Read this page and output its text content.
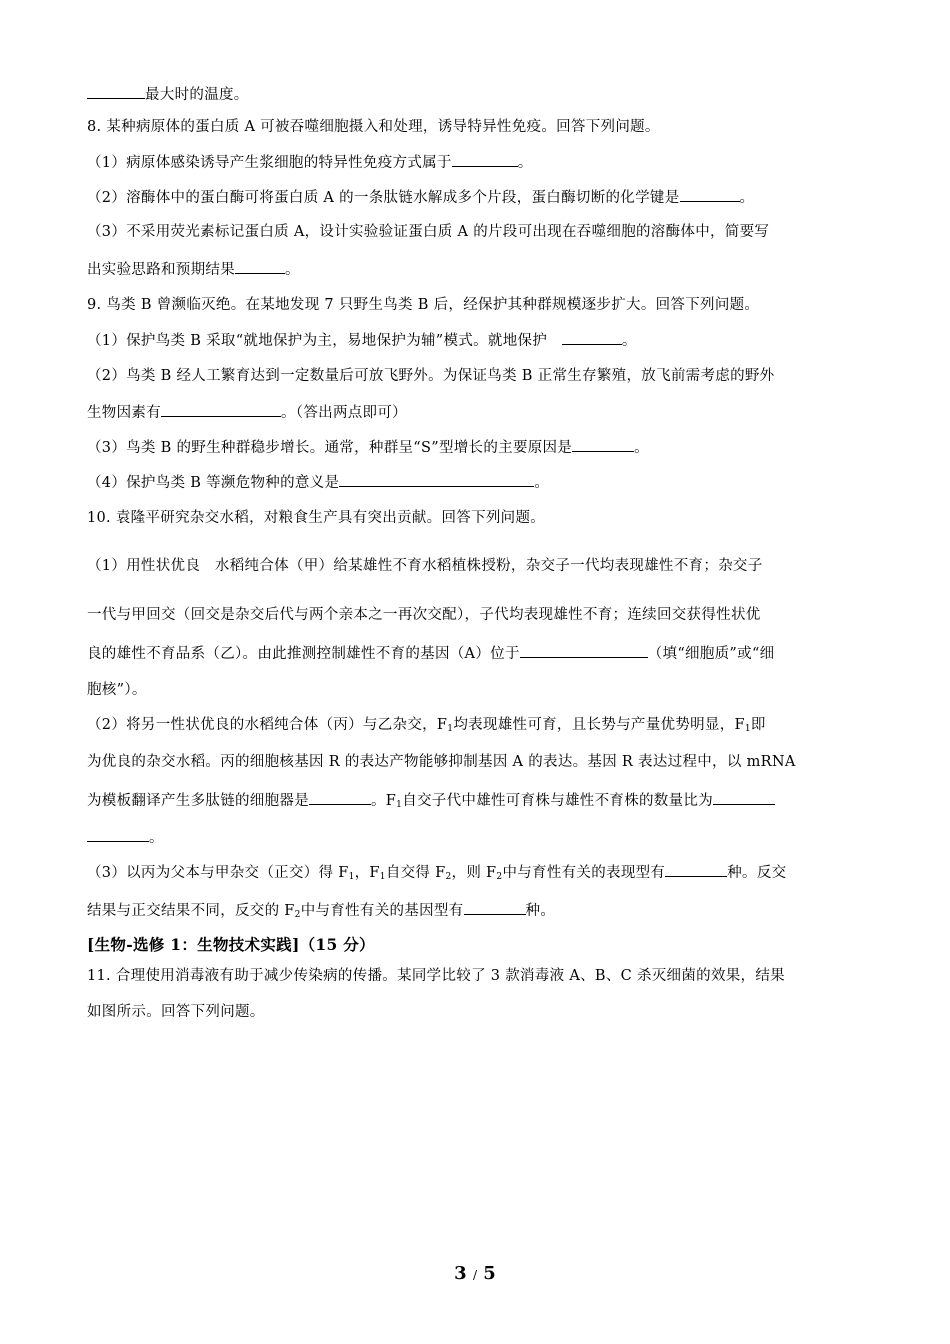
最大时的温度。
8. 某种病原体的蛋白质 A 可被吞噬细胞摄入和处理，诱导特异性免疫。回答下列问题。
（1）病原体感染诱导产生浆细胞的特异性免疫方式属于	。
（2）溶酶体中的蛋白酶可将蛋白质 A 的一条肽链水解成多个片段，蛋白酶切断的化学键是	。
（3）不采用荧光素标记蛋白质 A，设计实验验证蛋白质 A 的片段可出现在吞噬细胞的溶酶体中，简要写
出实验思路和预期结果	。
9. 鸟类 B 曾濒临灭绝。在某地发现 7 只野生鸟类 B 后，经保护其种群规模逐步扩大。回答下列问题。
（1）保护鸟类 B 采取“就地保护为主，易地保护为辅”模式。就地保护　	。
（2）鸟类 B 经人工繁育达到一定数量后可放飞野外。为保证鸟类 B 正常生存繁殖，放飞前需考虑的野外
生物因素有	。（答出两点即可）
（3）鸟类 B 的野生种群稳步增长。通常，种群呈“S”型增长的主要原因是	。
（4）保护鸟类 B 等濒危物种的意义是	。
10. 袁隆平研究杂交水稻，对粮食生产具有突出贡献。回答下列问题。
（1）用性状优良　水稻纯合体（甲）给某雄性不育水稻植株授粉，杂交子一代均表现雄性不育；杂交子
一代与甲回交（回交是杂交后代与两个亲本之一再次交配），子代均表现雄性不育；连续回交获得性状优
良的雄性不育品系（乙）。由此推测控制雄性不育的基因（A）位于	（填“细胞质”或“细
胞核”）。
（2）将另一性状优良的水稻纯合体（丙）与乙杂交，$F_1$均表现雄性可育，且长势与产量优势明显，$F_1$即
为优良的杂交水稻。丙的细胞核基因 R 的表达产物能够抑制基因 A 的表达。基因 R 表达过程中，以 mRNA
为模板翻译产生多肽链的细胞器是	。$F_1$自交子代中雄性可育株与雄性不育株的数量比为
。
（3）以丙为父本与甲杂交（正交）得 $F_1$，$F_1$自交得 $F_2$，则 $F_2$中与育性有关的表现型有	种。反交
结果与正交结果不同，反交的 $F_2$中与育性有关的基因型有	种。
[生物-选修 1：生物技术实践]（15 分）
11. 合理使用消毒液有助于减少传染病的传播。某同学比较了 3 款消毒液 A、B、C 杀灭细菌的效果，结果
如图所示。回答下列问题。
3 / 5
